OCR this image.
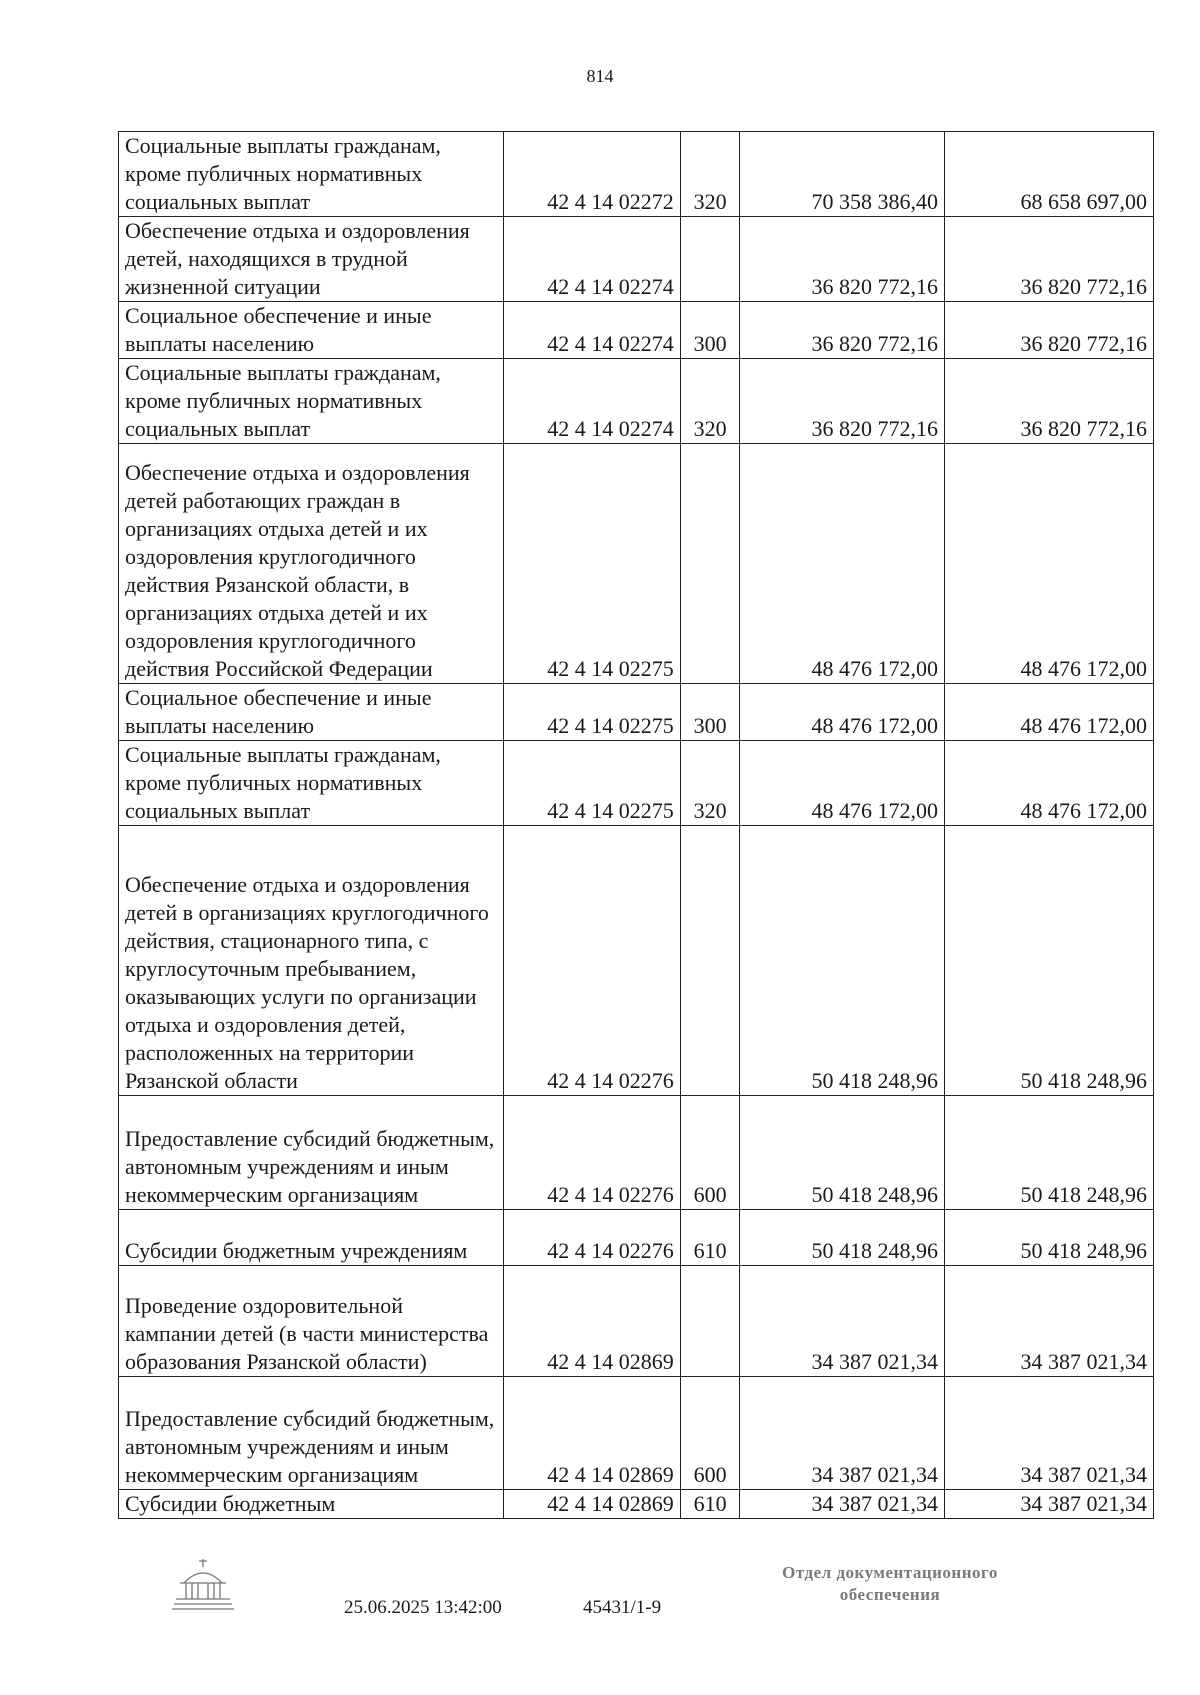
814
Социальные выплаты гражданам, кроме публичных нормативных социальных выплат	42 4 14 02272	320	70 358 386,40	68 658 697,00
Обеспечение отдыха и оздоровления детей, находящихся в трудной жизненной ситуации	42 4 14 02274		36 820 772,16	36 820 772,16
Социальное обеспечение и иные выплаты населению	42 4 14 02274	300	36 820 772,16	36 820 772,16
Социальные выплаты гражданам, кроме публичных нормативных социальных выплат	42 4 14 02274	320	36 820 772,16	36 820 772,16
Обеспечение отдыха и оздоровления детей работающих граждан в организациях отдыха детей и их оздоровления круглогодичного действия Рязанской области, в организациях отдыха детей и их оздоровления круглогодичного действия Российской Федерации	42 4 14 02275		48 476 172,00	48 476 172,00
Социальное обеспечение и иные выплаты населению	42 4 14 02275	300	48 476 172,00	48 476 172,00
Социальные выплаты гражданам, кроме публичных нормативных социальных выплат	42 4 14 02275	320	48 476 172,00	48 476 172,00
Обеспечение отдыха и оздоровления детей в организациях круглогодичного действия, стационарного типа, с круглосуточным пребыванием, оказывающих услуги по организации отдыха и оздоровления детей, расположенных на территории Рязанской области	42 4 14 02276		50 418 248,96	50 418 248,96
Предоставление субсидий бюджетным, автономным учреждениям и иным некоммерческим организациям	42 4 14 02276	600	50 418 248,96	50 418 248,96
Субсидии бюджетным учреждениям	42 4 14 02276	610	50 418 248,96	50 418 248,96
Проведение оздоровительной кампании детей (в части министерства образования Рязанской области)	42 4 14 02869		34 387 021,34	34 387 021,34
Предоставление субсидий бюджетным, автономным учреждениям и иным некоммерческим организациям	42 4 14 02869	600	34 387 021,34	34 387 021,34
Субсидии бюджетным	42 4 14 02869	610	34 387 021,34	34 387 021,34
25.06.2025 13:42:00	45431/1-9
Отдел документационного
обеспечения
